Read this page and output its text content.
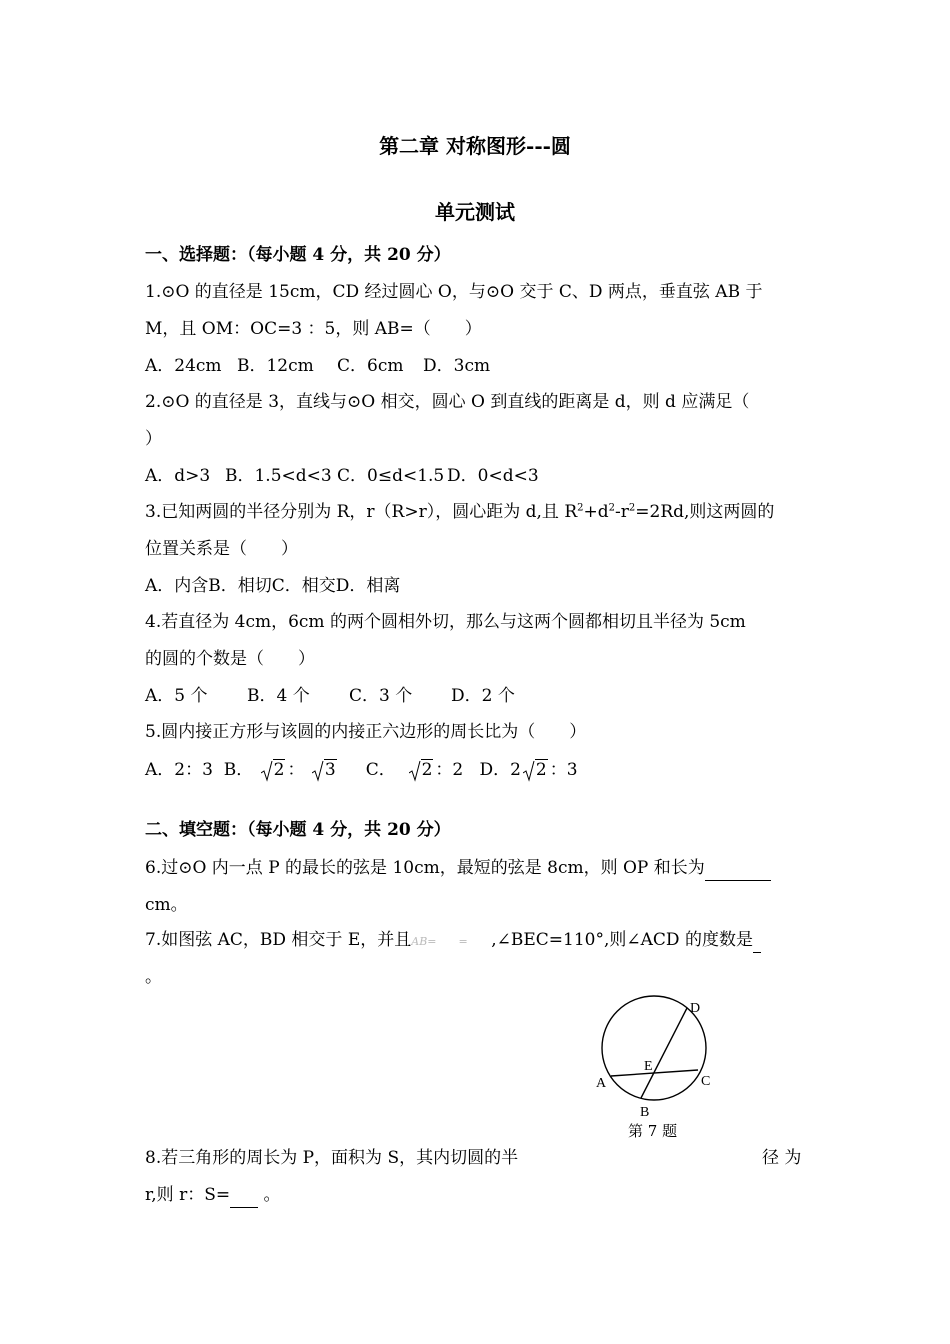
第二章 对称图形---圆
单元测试
一、选择题：（每小题 4 分，共 20 分）
1.⊙O 的直径是 15cm，CD 经过圆心 O，与⊙O 交于 C、D 两点，垂直弦 AB 于
M，且 OM：OC=3 ：5，则 AB=（　　）
A．24cm B．12cm C．6cm D．3cm
2.⊙O 的直径是 3，直线与⊙O 相交，圆心 O 到直线的距离是 d，则 d 应满足（
）
A．d>3 B．1.5<d<3 C．0≤d<1.5 D．0<d<3
3.已知两圆的半径分别为 R，r（R>r），圆心距为 d,且 $R^2+d^2-r^2=2Rd$,则这两圆的
位置关系是（　　）
A．内含B．相切C．相交D．相离
4.若直径为 4cm，6cm 的两个圆相外切，那么与这两个圆都相切且半径为 5cm
的圆的个数是（　　）
A．5 个 B．4 个 C．3 个 D．2 个
5.圆内接正方形与该圆的内接正六边形的周长比为（　　）
A．2：3 B． 2 ： 3 C． 2 ：2 D．2 2 ：3
二、填空题：（每小题 4 分，共 20 分）
6.过⊙O 内一点 P 的最长的弦是 10cm，最短的弦是 8cm，则 OP 和长为
cm。
7.如图弦 AC，BD 相交于 E，并且AB=　　= ,∠BEC=110°,则∠ACD 的度数是
。
D
E
A	C
B
第 7 题
8.若三角形的周长为 P，面积为 S，其内切圆的半	径 为
r,则 r：S= 。
